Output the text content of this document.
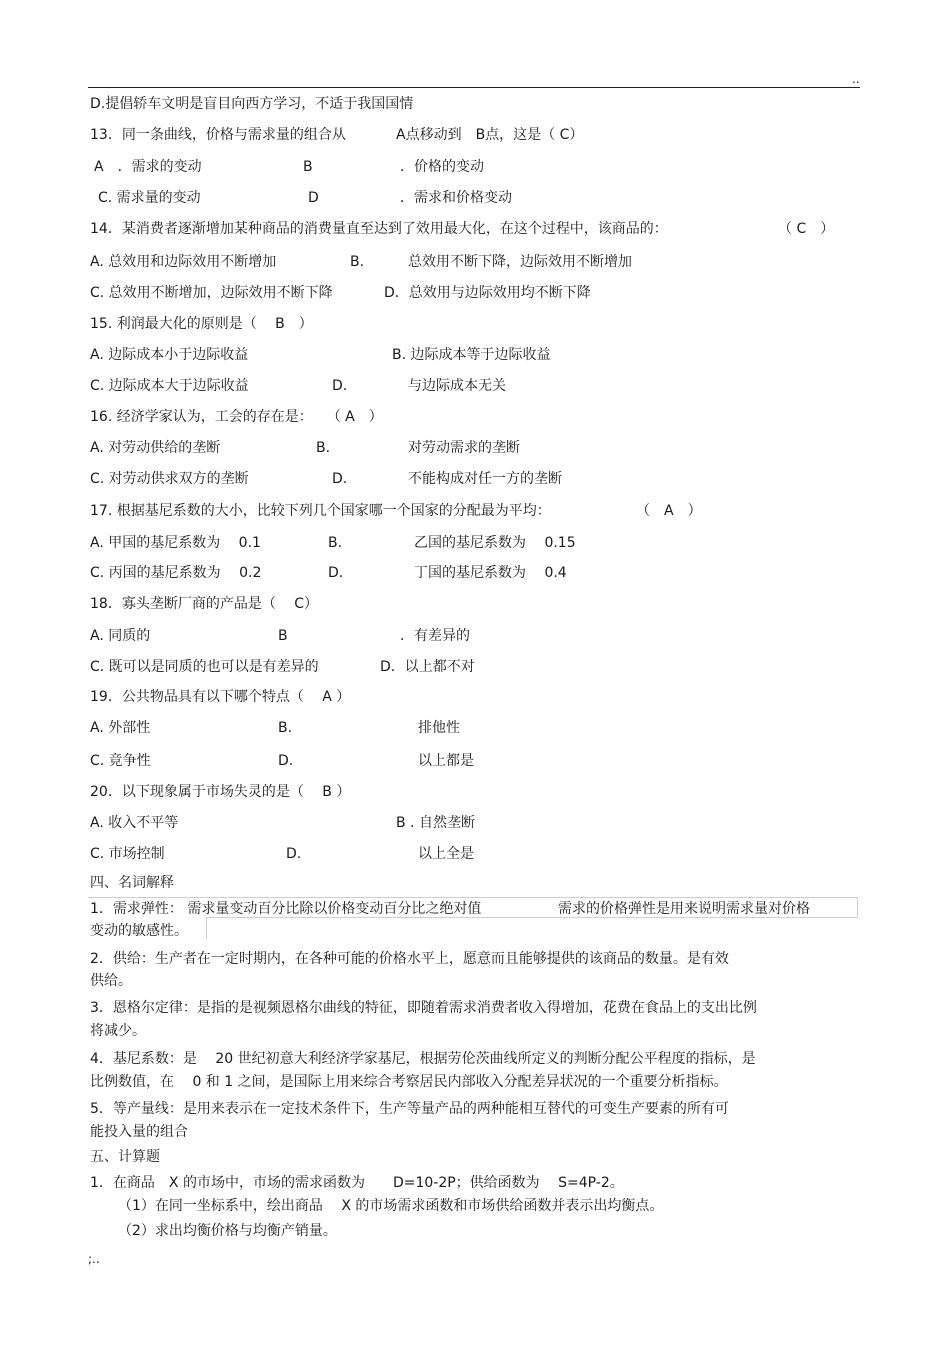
..
D.提倡轿车文明是盲目向西方学习，不适于我国国情
13．同一条曲线，价格与需求量的组合从	A点移动到　B点，这是（ C）
A　．需求的变动	B	．价格的变动
C. 需求量的变动	D	．需求和价格变动
14．某消费者逐渐增加某种商品的消费量直至达到了效用最大化，在这个过程中，该商品的：	（ C　）
A. 总效用和边际效用不断增加	B.	总效用不断下降，边际效用不断增加
C. 总效用不断增加，边际效用不断下降	D．总效用与边际效用均不断下降
15. 利润最大化的原则是（　 B　）
A. 边际成本小于边际收益	B. 边际成本等于边际收益
C. 边际成本大于边际收益	D.	与边际成本无关
16. 经济学家认为，工会的存在是：　　（ A　）
A. 对劳动供给的垄断	B.	对劳动需求的垄断
C. 对劳动供求双方的垄断	D.	不能构成对任一方的垄断
17. 根据基尼系数的大小，比较下列几个国家哪一个国家的分配最为平均：	（　A　）
A. 甲国的基尼系数为　 0.1	B.	乙国的基尼系数为　 0.15
C. 丙国的基尼系数为　 0.2	D.	丁国的基尼系数为　 0.4
18．寡头垄断厂商的产品是（　 C）
A. 同质的	B	．有差异的
C. 既可以是同质的也可以是有差异的	D．以上都不对
19．公共物品具有以下哪个特点（　 A ）
A. 外部性	B.	排他性
C. 竞争性	D.	以上都是
20．以下现象属于市场失灵的是（　 B ）
A. 收入不平等	B . 自然垄断
C. 市场控制	D.	以上全是
四、名词解释
1．需求弹性： 需求量变动百分比除以价格变动百分比之绝对值	需求的价格弹性是用来说明需求量对价格
变动的敏感性。
2．供给：生产者在一定时期内，在各种可能的价格水平上，愿意而且能够提供的该商品的数量。是有效
供给。
3．恩格尔定律：是指的是视频恩格尔曲线的特征，即随着需求消费者收入得增加，花费在食品上的支出比例
将减少。
4．基尼系数：是　 20 世纪初意大利经济学家基尼，根据劳伦茨曲线所定义的判断分配公平程度的指标，是
比例数值，在　 0 和 1 之间，是国际上用来综合考察居民内部收入分配差异状况的一个重要分析指标。
5．等产量线：是用来表示在一定技术条件下，生产等量产品的两种能相互替代的可变生产要素的所有可
能投入量的组合
五、计算题
1．在商品　X 的市场中，市场的需求函数为　　D=10-2P；供给函数为　 S=4P-2。
（1）在同一坐标系中，绘出商品　 X 的市场需求函数和市场供给函数并表示出均衡点。
（2）求出均衡价格与均衡产销量。
;..
